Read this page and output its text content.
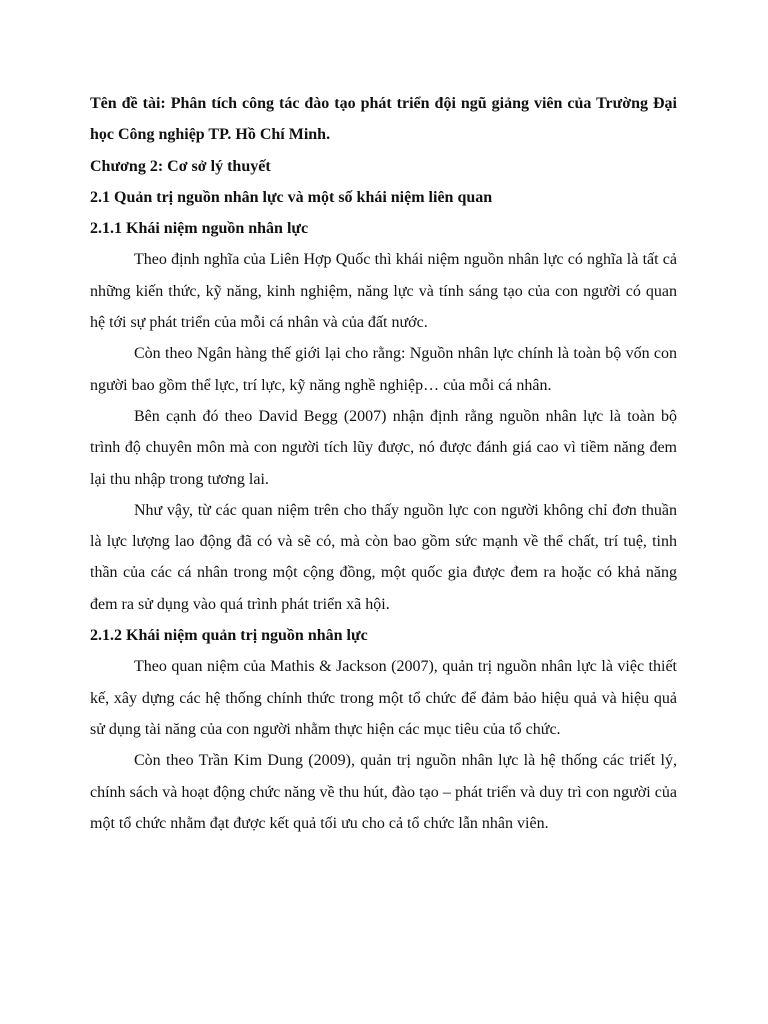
Tên đề tài: Phân tích công tác đào tạo phát triển đội ngũ giảng viên của Trường Đại học Công nghiệp TP. Hồ Chí Minh.

Chương 2: Cơ sở lý thuyết

2.1 Quản trị nguồn nhân lực và một số khái niệm liên quan

2.1.1 Khái niệm nguồn nhân lực

Theo định nghĩa của Liên Hợp Quốc thì khái niệm nguồn nhân lực có nghĩa là tất cả những kiến thức, kỹ năng, kinh nghiệm, năng lực và tính sáng tạo của con người có quan hệ tới sự phát triển của mỗi cá nhân và của đất nước.

Còn theo Ngân hàng thế giới lại cho rằng: Nguồn nhân lực chính là toàn bộ vốn con người bao gồm thể lực, trí lực, kỹ năng nghề nghiệp… của mỗi cá nhân.

Bên cạnh đó theo David Begg (2007) nhận định rằng nguồn nhân lực là toàn bộ trình độ chuyên môn mà con người tích lũy được, nó được đánh giá cao vì tiềm năng đem lại thu nhập trong tương lai.

Như vậy, từ các quan niệm trên cho thấy nguồn lực con người không chỉ đơn thuần là lực lượng lao động đã có và sẽ có, mà còn bao gồm sức mạnh về thể chất, trí tuệ, tinh thần của các cá nhân trong một cộng đồng, một quốc gia được đem ra hoặc có khả năng đem ra sử dụng vào quá trình phát triển xã hội.

2.1.2 Khái niệm quản trị nguồn nhân lực

Theo quan niệm của Mathis & Jackson (2007), quản trị nguồn nhân lực là việc thiết kế, xây dựng các hệ thống chính thức trong một tổ chức để đảm bảo hiệu quả và hiệu quả sử dụng tài năng của con người nhằm thực hiện các mục tiêu của tổ chức.

Còn theo Trần Kim Dung (2009), quản trị nguồn nhân lực là hệ thống các triết lý, chính sách và hoạt động chức năng về thu hút, đào tạo – phát triển và duy trì con người của một tổ chức nhằm đạt được kết quả tối ưu cho cả tổ chức lẫn nhân viên.
